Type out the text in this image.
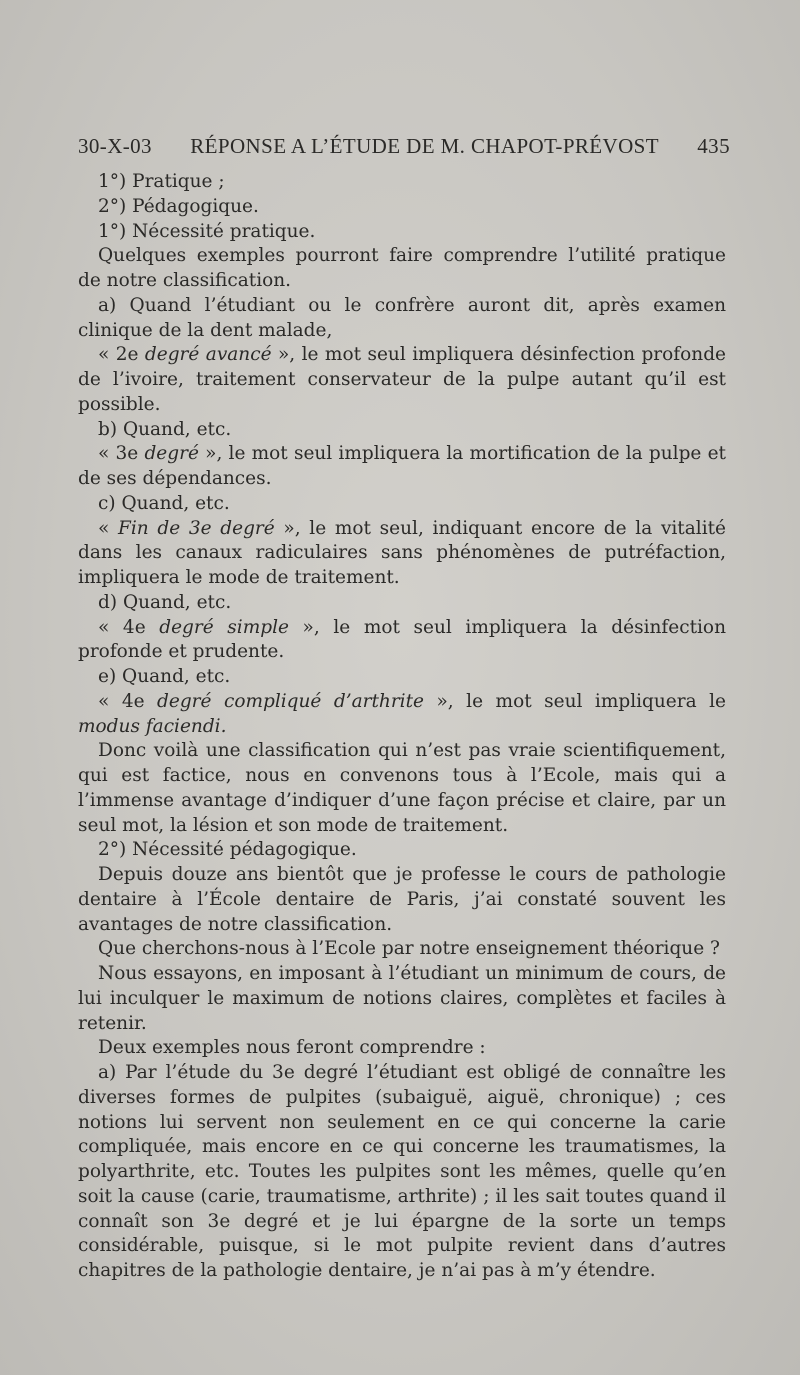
30-X-03 RÉPONSE A L’ÉTUDE DE M. CHAPOT-PRÉVOST 435
1°) Pratique ;
2°) Pédagogique.
1°) Nécessité pratique.
Quelques exemples pourront faire comprendre l’utilité pratique de notre classification.
a) Quand l’étudiant ou le confrère auront dit, après examen clinique de la dent malade,
« 2e degré avancé », le mot seul impliquera désinfection profonde de l’ivoire, traitement conservateur de la pulpe autant qu’il est possible.
b) Quand, etc.
« 3e degré », le mot seul impliquera la mortification de la pulpe et de ses dépendances.
c) Quand, etc.
« Fin de 3e degré », le mot seul, indiquant encore de la vitalité dans les canaux radiculaires sans phénomènes de putréfaction, impliquera le mode de traitement.
d) Quand, etc.
« 4e degré simple », le mot seul impliquera la désinfection profonde et prudente.
e) Quand, etc.
« 4e degré compliqué d’arthrite », le mot seul impliquera le modus faciendi.
Donc voilà une classification qui n’est pas vraie scientifiquement, qui est factice, nous en convenons tous à l’Ecole, mais qui a l’immense avantage d’indiquer d’une façon précise et claire, par un seul mot, la lésion et son mode de traitement.
2°) Nécessité pédagogique.
Depuis douze ans bientôt que je professe le cours de pathologie dentaire à l’École dentaire de Paris, j’ai constaté souvent les avantages de notre classification.
Que cherchons-nous à l’Ecole par notre enseignement théorique ?
Nous essayons, en imposant à l’étudiant un minimum de cours, de lui inculquer le maximum de notions claires, complètes et faciles à retenir.
Deux exemples nous feront comprendre :
a) Par l’étude du 3e degré l’étudiant est obligé de connaître les diverses formes de pulpites (subaiguë, aiguë, chronique) ; ces notions lui servent non seulement en ce qui concerne la carie compliquée, mais encore en ce qui concerne les traumatismes, la polyarthrite, etc. Toutes les pulpites sont les mêmes, quelle qu’en soit la cause (carie, traumatisme, arthrite) ; il les sait toutes quand il connaît son 3e degré et je lui épargne de la sorte un temps considérable, puisque, si le mot pulpite revient dans d’autres chapitres de la pathologie dentaire, je n’ai pas à m’y étendre.
